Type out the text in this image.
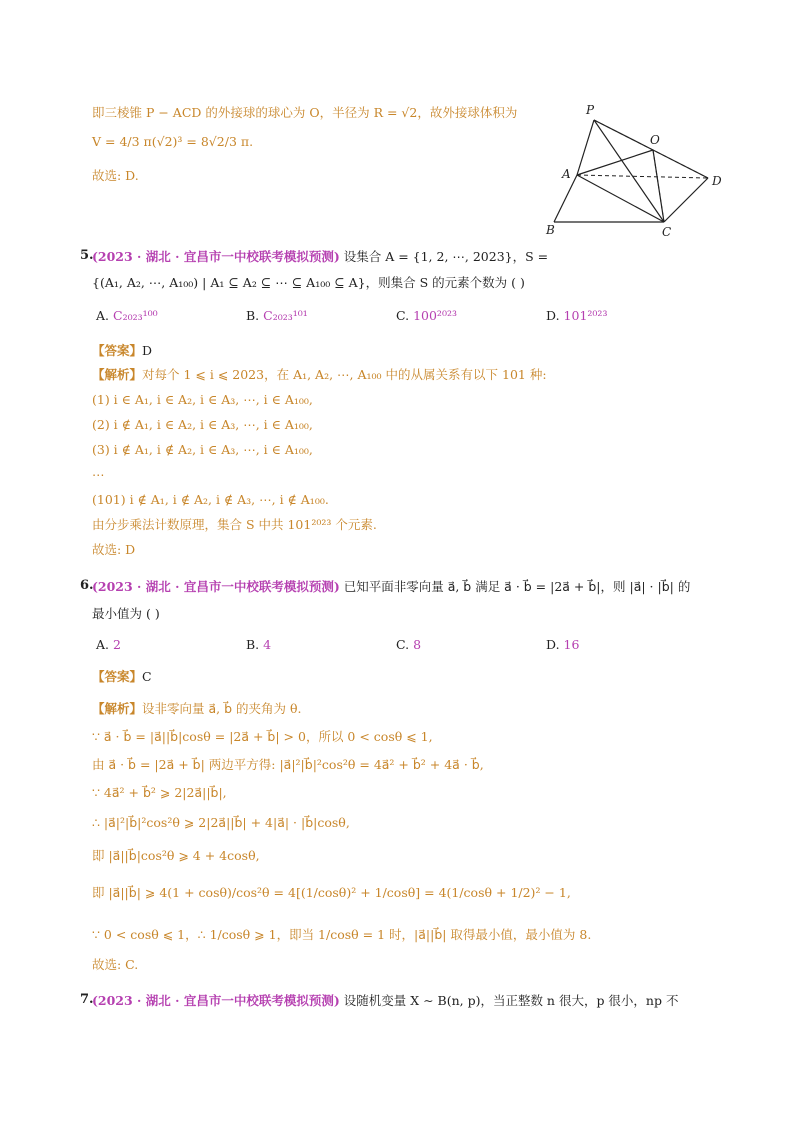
即三棱锥 P − ACD 的外接球的球心为 O，半径为 R = √2，故外接球体积为
V = 4/3 π(√2)³ = 8√2/3 π.
故选: D.
P
O
A	D
B	C
5.
(2023 · 湖北 · 宜昌市一中校联考模拟预测) 设集合 A = {1, 2, ⋯, 2023}，S =
{(A₁, A₂, ⋯, A₁₀₀) | A₁ ⊆ A₂ ⊆ ⋯ ⊆ A₁₀₀ ⊆ A}，则集合 S 的元素个数为 ( )
A. C₂₀₂₃¹⁰⁰	B. C₂₀₂₃¹⁰¹	C. 100²⁰²³	D. 101²⁰²³
【答案】D
【解析】对每个 1 ⩽ i ⩽ 2023，在 A₁, A₂, ⋯, A₁₀₀ 中的从属关系有以下 101 种:
(1) i ∈ A₁, i ∈ A₂, i ∈ A₃, ⋯, i ∈ A₁₀₀,
(2) i ∉ A₁, i ∈ A₂, i ∈ A₃, ⋯, i ∈ A₁₀₀,
(3) i ∉ A₁, i ∉ A₂, i ∈ A₃, ⋯, i ∈ A₁₀₀,
⋯
(101) i ∉ A₁, i ∉ A₂, i ∉ A₃, ⋯, i ∉ A₁₀₀.
由分步乘法计数原理，集合 S 中共 101²⁰²³ 个元素.
故选: D
6.
(2023 · 湖北 · 宜昌市一中校联考模拟预测) 已知平面非零向量 a⃗, b⃗ 满足 a⃗ · b⃗ = |2a⃗ + b⃗|，则 |a⃗| · |b⃗| 的
最小值为 ( )
A. 2	B. 4	C. 8	D. 16
【答案】C
【解析】设非零向量 a⃗, b⃗ 的夹角为 θ.
∵ a⃗ · b⃗ = |a⃗||b⃗|cosθ = |2a⃗ + b⃗| > 0，所以 0 < cosθ ⩽ 1,
由 a⃗ · b⃗ = |2a⃗ + b⃗| 两边平方得: |a⃗|²|b⃗|²cos²θ = 4a⃗² + b⃗² + 4a⃗ · b⃗,
∵ 4a⃗² + b⃗² ⩾ 2|2a⃗||b⃗|,
∴ |a⃗|²|b⃗|²cos²θ ⩾ 2|2a⃗||b⃗| + 4|a⃗| · |b⃗|cosθ,
即 |a⃗||b⃗|cos²θ ⩾ 4 + 4cosθ,
即 |a⃗||b⃗| ⩾ 4(1 + cosθ)/cos²θ = 4[(1/cosθ)² + 1/cosθ] = 4(1/cosθ + 1/2)² − 1,
∵ 0 < cosθ ⩽ 1，∴ 1/cosθ ⩾ 1，即当 1/cosθ = 1 时，|a⃗||b⃗| 取得最小值，最小值为 8.
故选: C.
7.
(2023 · 湖北 · 宜昌市一中校联考模拟预测) 设随机变量 X ∼ B(n, p)，当正整数 n 很大，p 很小，np 不
